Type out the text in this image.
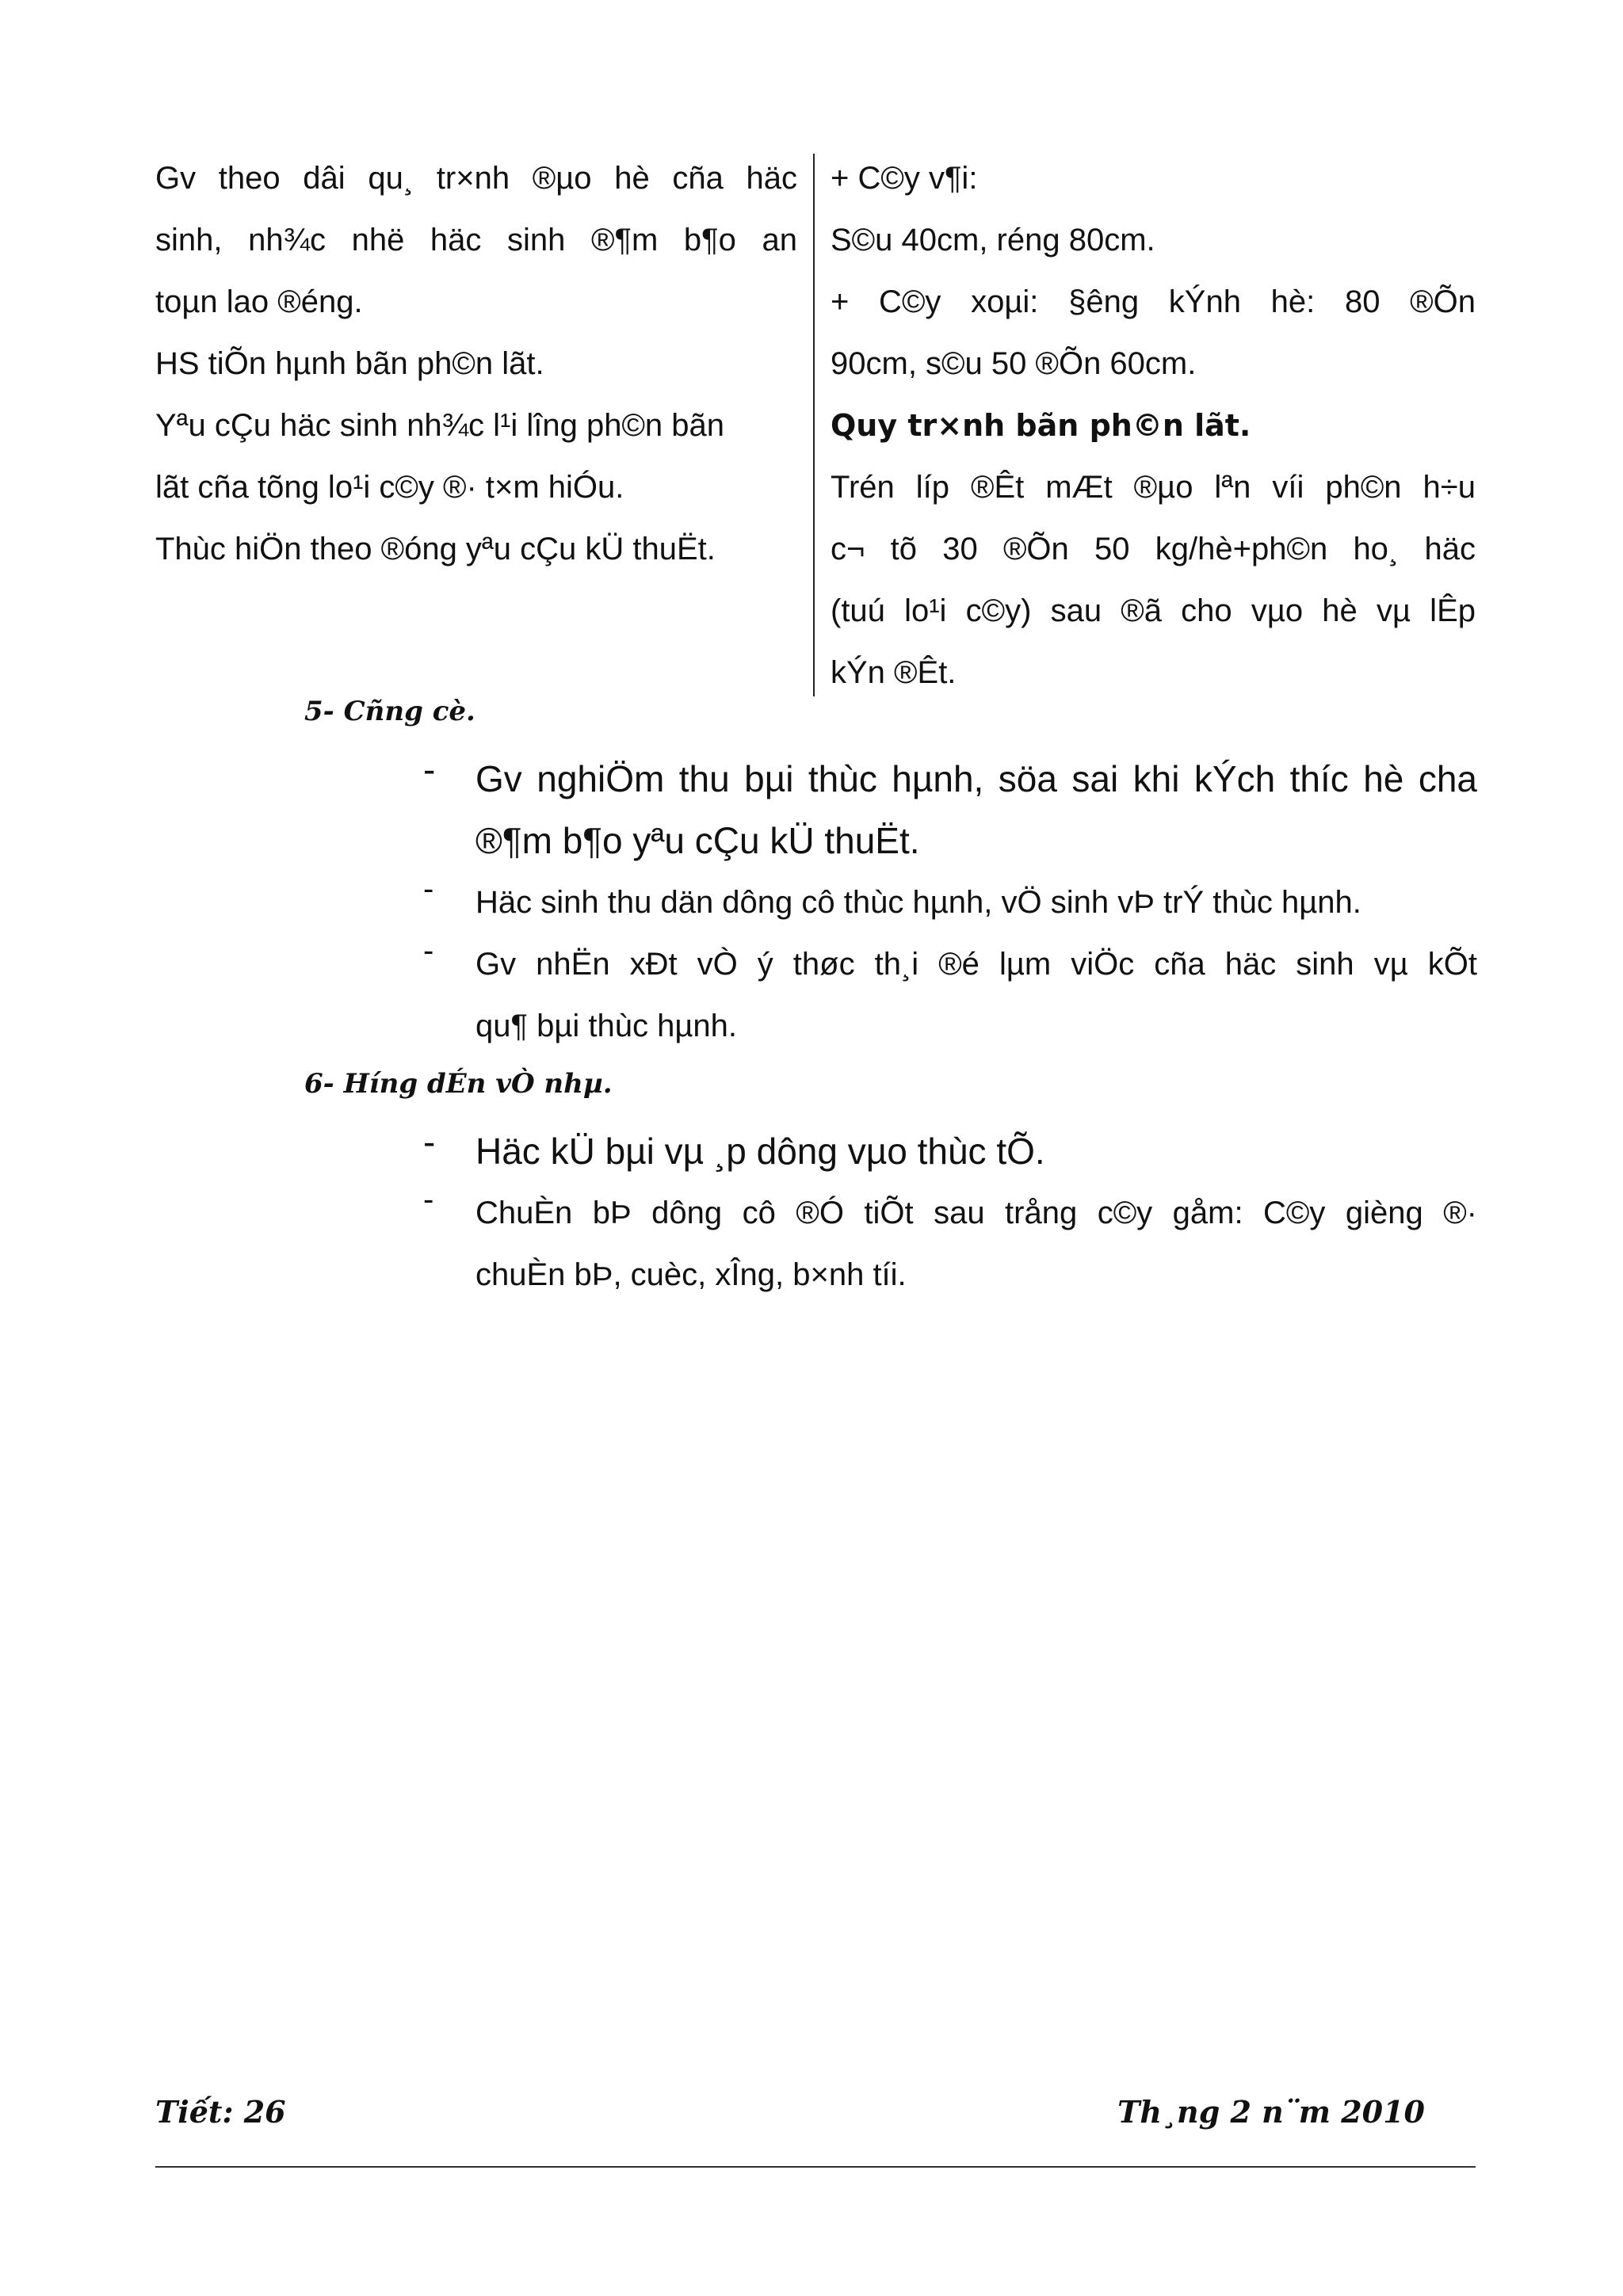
Gv theo dâi qu¸ tr×nh ®µo hè cña häc
sinh, nh¾c nhë häc sinh ®¶m b¶o an
toµn lao ®éng.
HS tiÕn hµnh bãn ph©n lãt.
Yªu cÇu häc sinh nh¾c l¹i lîng ph©n bãn
lãt cña tõng lo¹i c©y ®· t×m hiÓu.
Thùc hiÖn theo ®óng yªu cÇu kÜ thuËt.
+ C©y v¶i:
S©u 40cm, réng 80cm.
+ C©y xoµi: §êng kÝnh hè: 80 ®Õn
90cm, s©u 50 ®Õn 60cm.
Quy tr×nh bãn ph©n lãt.
Trén líp ®Êt mÆt ®µo lªn víi ph©n h÷u
c¬ tõ 30 ®Õn 50 kg/hè+ph©n ho¸ häc
(tuú lo¹i c©y) sau ®ã cho vµo hè vµ lÊp
kÝn ®Êt.
5- Cñng cè.
-	Gv nghiÖm thu bµi thùc hµnh, söa sai khi kÝch thíc hè cha
®¶m b¶o yªu cÇu kÜ thuËt.
-	Häc sinh thu dän dông cô thùc hµnh, vÖ sinh vÞ trÝ thùc hµnh.
-	Gv nhËn xÐt vÒ ý thøc th¸i ®é lµm viÖc cña häc sinh vµ kÕt
qu¶ bµi thùc hµnh.
6- Híng dÉn vÒ nhµ.
-	Häc kÜ bµi vµ ¸p dông vµo thùc tÕ.
-	ChuÈn bÞ dông cô ®Ó tiÕt sau trång c©y gåm: C©y gièng ®·
chuÈn bÞ, cuèc, xÎng, b×nh tíi.
Tiết: 26	Th¸ng 2 n¨m 2010
